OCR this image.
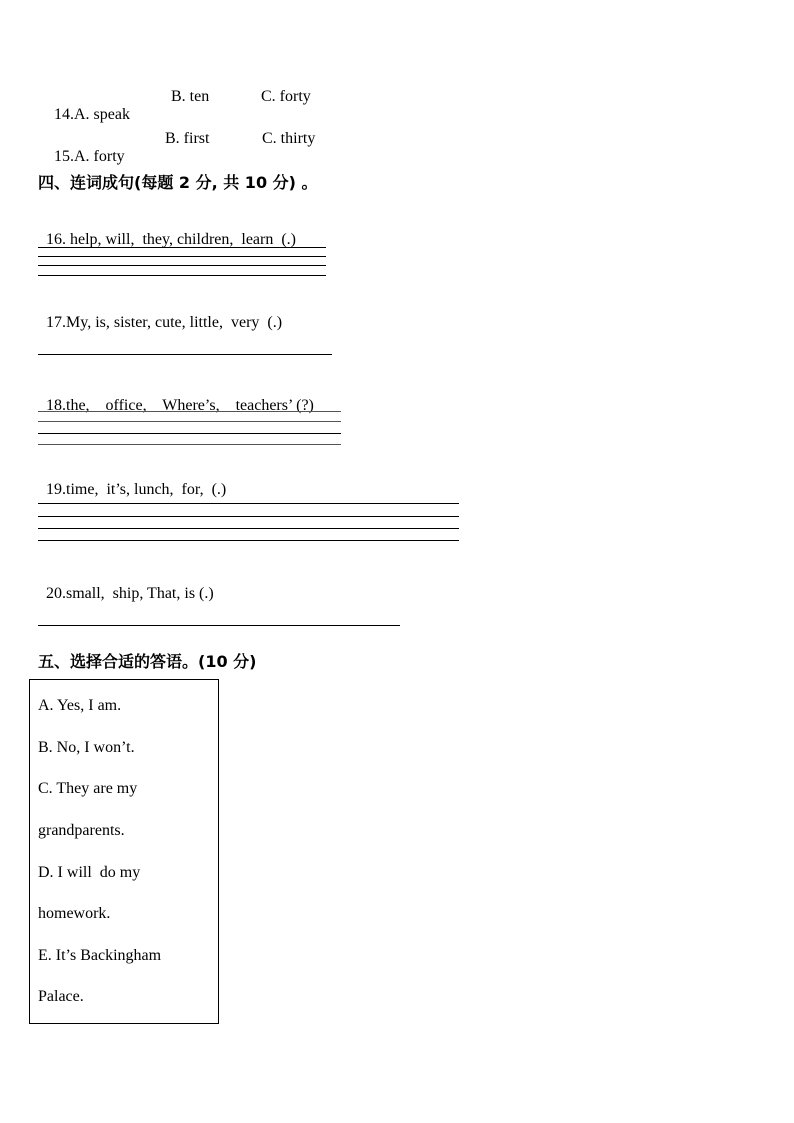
14.A. speak

B. ten	C. forty

15.A. forty

B. first	C. thirty
四、连词成句(每题 2 分, 共 10 分) 。

16. help, will,  they, children,  learn  (.)

17.My, is, sister, cute, little,  very  (.)

18.the,    office,    Where’s,    teachers’ (?)

19.time,  it’s, lunch,  for,  (.)

20.small,  ship, That, is (.)

五、选择合适的答语。(10 分)
A. Yes, I am.
B. No, I won’t.
C. They are my
grandparents.
D. I will  do my
homework.
E. It’s Backingham
Palace.
